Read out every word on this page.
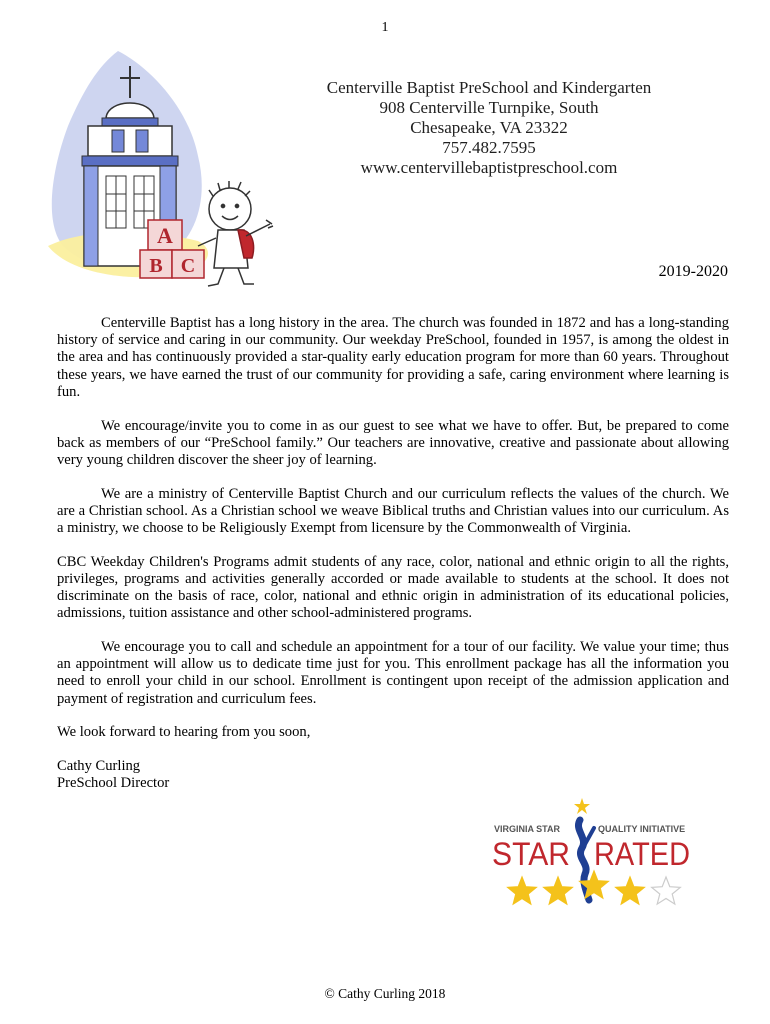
1
A
B C
Centerville Baptist PreSchool and Kindergarten
908 Centerville Turnpike, South
Chesapeake, VA 23322
757.482.7595
www.centervillebaptistpreschool.com
2019-2020

Centerville Baptist has a long history in the area. The church was founded in 1872 and has a long-standing history of service and caring in our community. Our weekday PreSchool, founded in 1957, is among the oldest in the area and has continuously provided a star-quality early education program for more than 60 years. Throughout these years, we have earned the trust of our community for providing a safe, caring environment where learning is fun.

We encourage/invite you to come in as our guest to see what we have to offer. But, be prepared to come back as members of our “PreSchool family.” Our teachers are innovative, creative and passionate about allowing very young children discover the sheer joy of learning.

We are a ministry of Centerville Baptist Church and our curriculum reflects the values of the church. We are a Christian school. As a Christian school we weave Biblical truths and Christian values into our curriculum. As a ministry, we choose to be Religiously Exempt from licensure by the Commonwealth of Virginia.

CBC Weekday Children's Programs admit students of any race, color, national and ethnic origin to all the rights, privileges, programs and activities generally accorded or made available to students at the school. It does not discriminate on the basis of race, color, national and ethnic origin in administration of its educational policies, admissions, tuition assistance and other school-administered programs.

We encourage you to call and schedule an appointment for a tour of our facility. We value your time; thus an appointment will allow us to dedicate time just for you. This enrollment package has all the information you need to enroll your child in our school. Enrollment is contingent upon receipt of the admission application and payment of registration and curriculum fees.

We look forward to hearing from you soon,

Cathy Curling
PreSchool Director
VIRGINIA STAR	QUALITY INITIATIVE
STAR RATED
© Cathy Curling 2018
